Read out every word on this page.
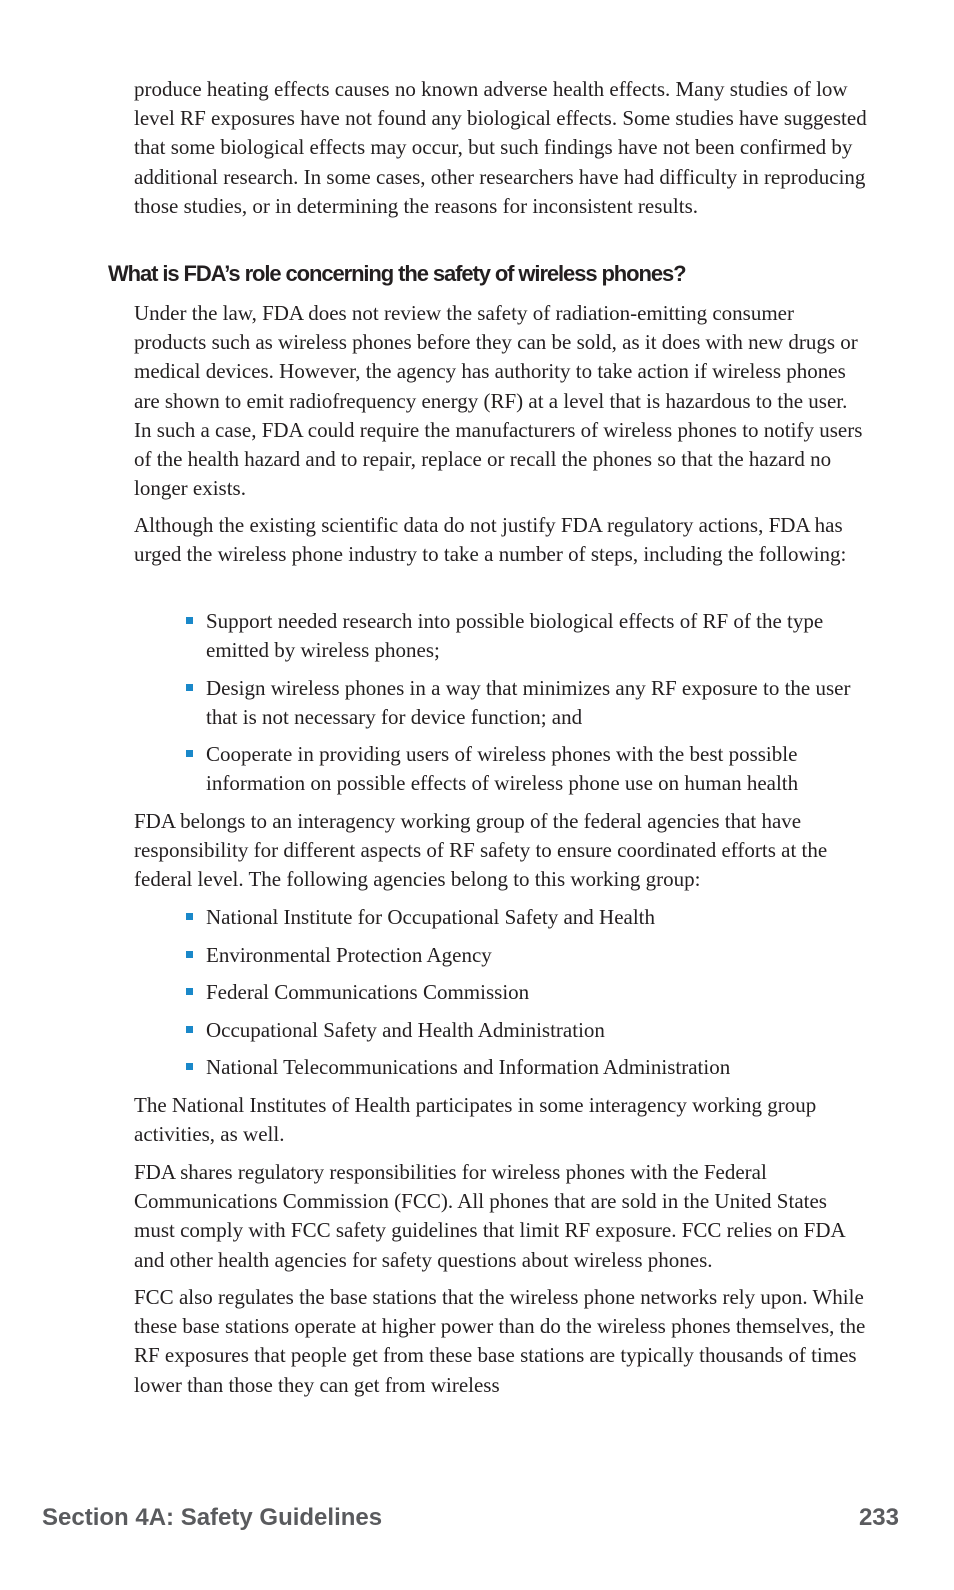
produce heating effects causes no known adverse health effects. Many studies of low level RF exposures have not found any biological effects. Some studies have suggested that some biological effects may occur, but such findings have not been confirmed by additional research. In some cases, other researchers have had difficulty in reproducing those studies, or in determining the reasons for inconsistent results.

What is FDA’s role concerning the safety of wireless phones?

Under the law, FDA does not review the safety of radiation-emitting consumer products such as wireless phones before they can be sold, as it does with new drugs or medical devices. However, the agency has authority to take action if wireless phones are shown to emit radiofrequency energy (RF) at a level that is hazardous to the user. In such a case, FDA could require the manufacturers of wireless phones to notify users of the health hazard and to repair, replace or recall the phones so that the hazard no longer exists.

Although the existing scientific data do not justify FDA regulatory actions, FDA has urged the wireless phone industry to take a number of steps, including the following:

Support needed research into possible biological effects of RF of the type emitted by wireless phones;
Design wireless phones in a way that minimizes any RF exposure to the user that is not necessary for device function; and
Cooperate in providing users of wireless phones with the best possible information on possible effects of wireless phone use on human health

FDA belongs to an interagency working group of the federal agencies that have responsibility for different aspects of RF safety to ensure coordinated efforts at the federal level. The following agencies belong to this working group:

National Institute for Occupational Safety and Health
Environmental Protection Agency
Federal Communications Commission
Occupational Safety and Health Administration
National Telecommunications and Information Administration

The National Institutes of Health participates in some interagency working group activities, as well.

FDA shares regulatory responsibilities for wireless phones with the Federal Communications Commission (FCC). All phones that are sold in the United States must comply with FCC safety guidelines that limit RF exposure. FCC relies on FDA and other health agencies for safety questions about wireless phones.

FCC also regulates the base stations that the wireless phone networks rely upon. While these base stations operate at higher power than do the wireless phones themselves, the RF exposures that people get from these base stations are typically thousands of times lower than those they can get from wireless

Section 4A: Safety Guidelines	233
